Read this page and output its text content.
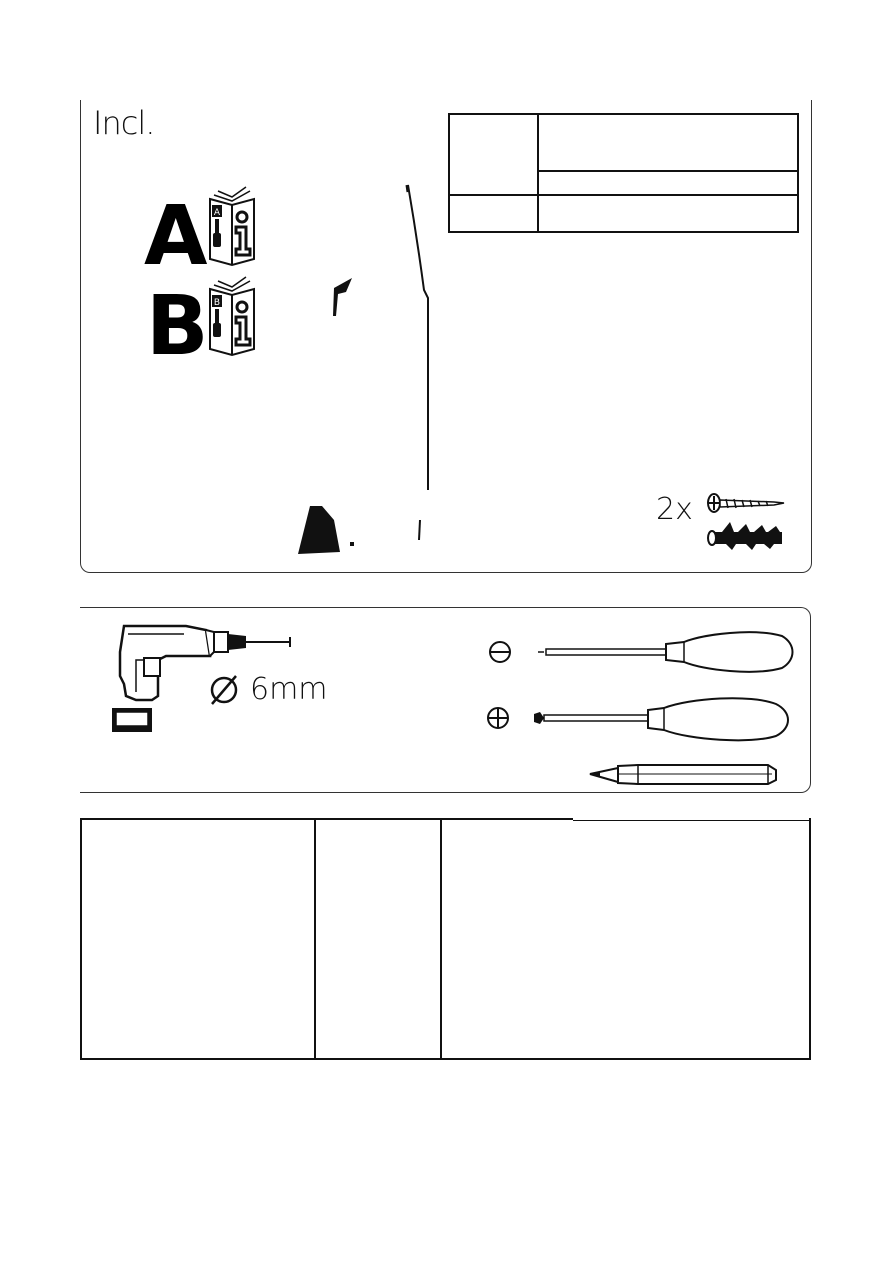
Incl.
A A
B B
2x
6mm
